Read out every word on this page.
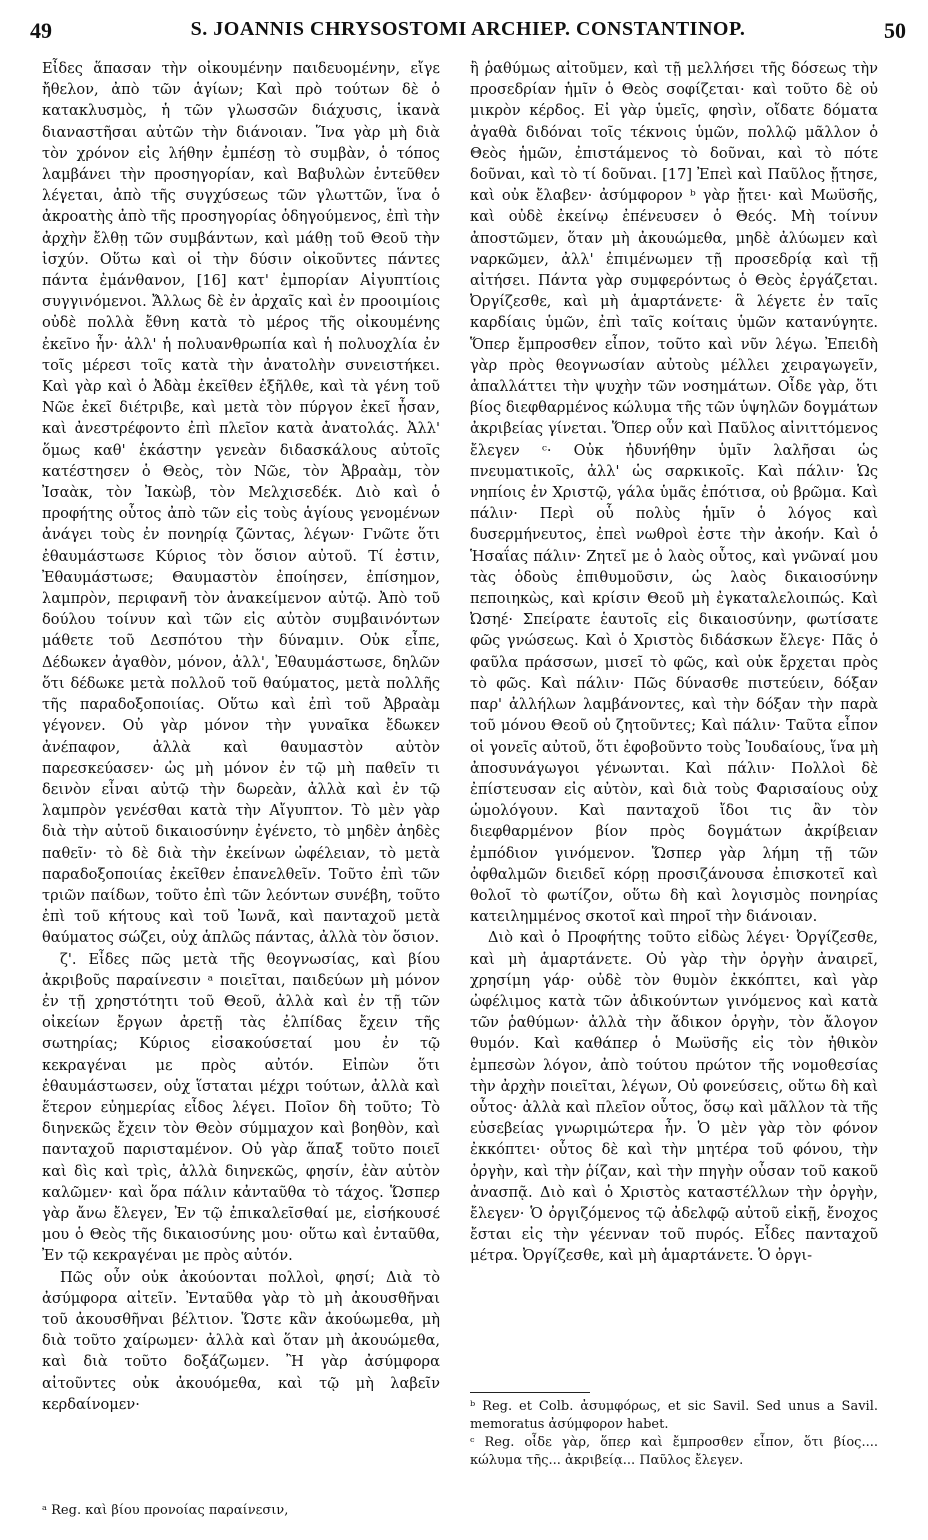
49	S. JOANNIS CHRYSOSTOMI ARCHIEP. CONSTANTINOP.	50

Εἶδες ἅπασαν τὴν οἰκουμένην παιδευομένην, εἴγε ἤθελον, ἀπὸ τῶν ἁγίων; Καὶ πρὸ τούτων δὲ ὁ κατακλυσμὸς, ἡ τῶν γλωσσῶν διάχυσις, ἱκανὰ διαναστῆσαι αὐτῶν τὴν διάνοιαν. Ἵνα γὰρ μὴ διὰ τὸν χρόνον εἰς λήθην ἐμπέσῃ τὸ συμβὰν, ὁ τόπος λαμβάνει τὴν προσηγορίαν, καὶ Βαβυλὼν ἐντεῦθεν λέγεται, ἀπὸ τῆς συγχύσεως τῶν γλωττῶν, ἵνα ὁ ἀκροατὴς ἀπὸ τῆς προσηγορίας ὁδηγούμενος, ἐπὶ τὴν ἀρχὴν ἔλθῃ τῶν συμβάντων, καὶ μάθῃ τοῦ Θεοῦ τὴν ἰσχύν. Οὕτω καὶ οἱ τὴν δύσιν οἰκοῦντες πάντες πάντα ἐμάνθανον, [16] κατ' ἐμπορίαν Αἰγυπτίοις συγγινόμενοι. Ἄλλως δὲ ἐν ἀρχαῖς καὶ ἐν προοιμίοις οὐδὲ πολλὰ ἔθνη κατὰ τὸ μέρος τῆς οἰκουμένης ἐκεῖνο ἦν· ἀλλ' ἡ πολυανθρωπία καὶ ἡ πολυοχλία ἐν τοῖς μέρεσι τοῖς κατὰ τὴν ἀνατολὴν συνειστήκει. Καὶ γὰρ καὶ ὁ Ἀδὰμ ἐκεῖθεν ἐξῆλθε, καὶ τὰ γένη τοῦ Νῶε ἐκεῖ διέτριβε, καὶ μετὰ τὸν πύργον ἐκεῖ ἦσαν, καὶ ἀνεστρέφοντο ἐπὶ πλεῖον κατὰ ἀνατολάς. Ἀλλ' ὅμως καθ' ἑκάστην γενεὰν διδασκάλους αὐτοῖς κατέστησεν ὁ Θεὸς, τὸν Νῶε, τὸν Ἀβραὰμ, τὸν Ἰσαὰκ, τὸν Ἰακὼβ, τὸν Μελχισεδέκ. Διὸ καὶ ὁ προφήτης οὗτος ἀπὸ τῶν εἰς τοὺς ἁγίους γενομένων ἀνάγει τοὺς ἐν πονηρίᾳ ζῶντας, λέγων· Γνῶτε ὅτι ἐθαυμάστωσε Κύριος τὸν ὅσιον αὐτοῦ. Τί ἐστιν, Ἐθαυμάστωσε; Θαυμαστὸν ἐποίησεν, ἐπίσημον, λαμπρὸν, περιφανῆ τὸν ἀνακείμενον αὐτῷ. Ἀπὸ τοῦ δούλου τοίνυν καὶ τῶν εἰς αὐτὸν συμβαινόντων μάθετε τοῦ Δεσπότου τὴν δύναμιν. Οὐκ εἶπε, Δέδωκεν ἀγαθὸν, μόνον, ἀλλ', Ἐθαυμάστωσε, δηλῶν ὅτι δέδωκε μετὰ πολλοῦ τοῦ θαύματος, μετὰ πολλῆς τῆς παραδοξοποιίας. Οὕτω καὶ ἐπὶ τοῦ Ἀβραὰμ γέγονεν. Οὐ γὰρ μόνον τὴν γυναῖκα ἔδωκεν ἀνέπαφον, ἀλλὰ καὶ θαυμαστὸν αὐτὸν παρεσκεύασεν· ὡς μὴ μόνον ἐν τῷ μὴ παθεῖν τι δεινὸν εἶναι αὐτῷ τὴν δωρεὰν, ἀλλὰ καὶ ἐν τῷ λαμπρὸν γενέσθαι κατὰ τὴν Αἴγυπτον. Τὸ μὲν γὰρ διὰ τὴν αὐτοῦ δικαιοσύνην ἐγένετο, τὸ μηδὲν ἀηδὲς παθεῖν· τὸ δὲ διὰ τὴν ἐκείνων ὠφέλειαν, τὸ μετὰ παραδοξοποιίας ἐκεῖθεν ἐπανελθεῖν. Τοῦτο ἐπὶ τῶν τριῶν παίδων, τοῦτο ἐπὶ τῶν λεόντων συνέβη, τοῦτο ἐπὶ τοῦ κήτους καὶ τοῦ Ἰωνᾶ, καὶ πανταχοῦ μετὰ θαύματος σώζει, οὐχ ἁπλῶς πάντας, ἀλλὰ τὸν ὅσιον.

ζ'. Εἶδες πῶς μετὰ τῆς θεογνωσίας, καὶ βίου ἀκριβοῦς παραίνεσιν ᵃ ποιεῖται, παιδεύων μὴ μόνον ἐν τῇ χρηστότητι τοῦ Θεοῦ, ἀλλὰ καὶ ἐν τῇ τῶν οἰκείων ἔργων ἀρετῇ τὰς ἐλπίδας ἔχειν τῆς σωτηρίας; Κύριος εἰσακούσεταί μου ἐν τῷ κεκραγέναι με πρὸς αὐτόν. Εἰπὼν ὅτι ἐθαυμάστωσεν, οὐχ ἵσταται μέχρι τούτων, ἀλλὰ καὶ ἕτερον εὐημερίας εἶδος λέγει. Ποῖον δὴ τοῦτο; Τὸ διηνεκῶς ἔχειν τὸν Θεὸν σύμμαχον καὶ βοηθὸν, καὶ πανταχοῦ παρισταμένον. Οὐ γὰρ ἅπαξ τοῦτο ποιεῖ καὶ δὶς καὶ τρὶς, ἀλλὰ διηνεκῶς, φησίν, ἐὰν αὐτὸν καλῶμεν· καὶ ὅρα πάλιν κἀνταῦθα τὸ τάχος. Ὥσπερ γὰρ ἄνω ἔλεγεν, Ἐν τῷ ἐπικαλεῖσθαί με, εἰσήκουσέ μου ὁ Θεὸς τῆς δικαιοσύνης μου· οὕτω καὶ ἐνταῦθα, Ἐν τῷ κεκραγέναι με πρὸς αὐτόν.

Πῶς οὖν οὐκ ἀκούονται πολλοὶ, φησί; Διὰ τὸ ἀσύμφορα αἰτεῖν. Ἐνταῦθα γὰρ τὸ μὴ ἀκουσθῆναι τοῦ ἀκουσθῆναι βέλτιον. Ὥστε κἂν ἀκούωμεθα, μὴ διὰ τοῦτο χαίρωμεν· ἀλλὰ καὶ ὅταν μὴ ἀκουώμεθα, καὶ διὰ τοῦτο δοξάζωμεν. Ἢ γὰρ ἀσύμφορα αἰτοῦντες οὐκ ἀκουόμεθα, καὶ τῷ μὴ λαβεῖν κερδαίνομεν·

ἢ ῥαθύμως αἰτοῦμεν, καὶ τῇ μελλήσει τῆς δόσεως τὴν προσεδρίαν ἡμῖν ὁ Θεὸς σοφίζεται· καὶ τοῦτο δὲ οὐ μικρὸν κέρδος. Εἰ γὰρ ὑμεῖς, φησὶν, οἴδατε δόματα ἀγαθὰ διδόναι τοῖς τέκνοις ὑμῶν, πολλῷ μᾶλλον ὁ Θεὸς ἡμῶν, ἐπιστάμενος τὸ δοῦναι, καὶ τὸ πότε δοῦναι, καὶ τὸ τί δοῦναι. [17] Ἐπεὶ καὶ Παῦλος ᾔτησε, καὶ οὐκ ἔλαβεν· ἀσύμφορον ᵇ γὰρ ᾔτει· καὶ Μωϋσῆς, καὶ οὐδὲ ἐκείνῳ ἐπένευσεν ὁ Θεός. Μὴ τοίνυν ἀποστῶμεν, ὅταν μὴ ἀκουώμεθα, μηδὲ ἀλύωμεν καὶ ναρκῶμεν, ἀλλ' ἐπιμένωμεν τῇ προσεδρίᾳ καὶ τῇ αἰτήσει. Πάντα γὰρ συμφερόντως ὁ Θεὸς ἐργάζεται. Ὀργίζεσθε, καὶ μὴ ἁμαρτάνετε· ἃ λέγετε ἐν ταῖς καρδίαις ὑμῶν, ἐπὶ ταῖς κοίταις ὑμῶν κατανύγητε. Ὅπερ ἔμπροσθεν εἶπον, τοῦτο καὶ νῦν λέγω. Ἐπειδὴ γὰρ πρὸς θεογνωσίαν αὐτοὺς μέλλει χειραγωγεῖν, ἀπαλλάττει τὴν ψυχὴν τῶν νοσημάτων. Οἶδε γὰρ, ὅτι βίος διεφθαρμένος κώλυμα τῆς τῶν ὑψηλῶν δογμάτων ἀκριβείας γίνεται. Ὅπερ οὖν καὶ Παῦλος αἰνιττόμενος ἔλεγεν ᶜ· Οὐκ ἠδυνήθην ὑμῖν λαλῆσαι ὡς πνευματικοῖς, ἀλλ' ὡς σαρκικοῖς. Καὶ πάλιν· Ὡς νηπίοις ἐν Χριστῷ, γάλα ὑμᾶς ἐπότισα, οὐ βρῶμα. Καὶ πάλιν· Περὶ οὗ πολὺς ἡμῖν ὁ λόγος καὶ δυσερμήνευτος, ἐπεὶ νωθροὶ ἐστε τὴν ἀκοήν. Καὶ ὁ Ἡσαΐας πάλιν· Ζητεῖ με ὁ λαὸς οὗτος, καὶ γνῶναί μου τὰς ὁδοὺς ἐπιθυμοῦσιν, ὡς λαὸς δικαιοσύνην πεποιηκὼς, καὶ κρίσιν Θεοῦ μὴ ἐγκαταλελοιπώς. Καὶ Ὠσηέ· Σπείρατε ἑαυτοῖς εἰς δικαιοσύνην, φωτίσατε φῶς γνώσεως. Καὶ ὁ Χριστὸς διδάσκων ἔλεγε· Πᾶς ὁ φαῦλα πράσσων, μισεῖ τὸ φῶς, καὶ οὐκ ἔρχεται πρὸς τὸ φῶς. Καὶ πάλιν· Πῶς δύνασθε πιστεύειν, δόξαν παρ' ἀλλήλων λαμβάνοντες, καὶ τὴν δόξαν τὴν παρὰ τοῦ μόνου Θεοῦ οὐ ζητοῦντες; Καὶ πάλιν· Ταῦτα εἶπον οἱ γονεῖς αὐτοῦ, ὅτι ἐφοβοῦντο τοὺς Ἰουδαίους, ἵνα μὴ ἀποσυνάγωγοι γένωνται. Καὶ πάλιν· Πολλοὶ δὲ ἐπίστευσαν εἰς αὐτὸν, καὶ διὰ τοὺς Φαρισαίους οὐχ ὡμολόγουν. Καὶ πανταχοῦ ἴδοι τις ἂν τὸν διεφθαρμένον βίον πρὸς δογμάτων ἀκρίβειαν ἐμπόδιον γινόμενον. Ὥσπερ γὰρ λήμη τῇ τῶν ὀφθαλμῶν διειδεῖ κόρῃ προσιζάνουσα ἐπισκοτεῖ καὶ θολοῖ τὸ φωτίζον, οὕτω δὴ καὶ λογισμὸς πονηρίας κατειλημμένος σκοτοῖ καὶ πηροῖ τὴν διάνοιαν.

Διὸ καὶ ὁ Προφήτης τοῦτο εἰδὼς λέγει· Ὀργίζεσθε, καὶ μὴ ἁμαρτάνετε. Οὐ γὰρ τὴν ὀργὴν ἀναιρεῖ, χρησίμη γάρ· οὐδὲ τὸν θυμὸν ἐκκόπτει, καὶ γὰρ ὠφέλιμος κατὰ τῶν ἀδικούντων γινόμενος καὶ κατὰ τῶν ῥαθύμων· ἀλλὰ τὴν ἄδικον ὀργὴν, τὸν ἄλογον θυμόν. Καὶ καθάπερ ὁ Μωϋσῆς εἰς τὸν ἠθικὸν ἐμπεσὼν λόγον, ἀπὸ τούτου πρώτον τῆς νομοθεσίας τὴν ἀρχὴν ποιεῖται, λέγων, Οὐ φονεύσεις, οὕτω δὴ καὶ οὗτος· ἀλλὰ καὶ πλεῖον οὗτος, ὅσῳ καὶ μᾶλλον τὰ τῆς εὐσεβείας γνωριμώτερα ἦν. Ὁ μὲν γὰρ τὸν φόνον ἐκκόπτει· οὗτος δὲ καὶ τὴν μητέρα τοῦ φόνου, τὴν ὀργὴν, καὶ τὴν ῥίζαν, καὶ τὴν πηγὴν οὖσαν τοῦ κακοῦ ἀνασπᾷ. Διὸ καὶ ὁ Χριστὸς καταστέλλων τὴν ὀργὴν, ἔλεγεν· Ὁ ὀργιζόμενος τῷ ἀδελφῷ αὐτοῦ εἰκῇ, ἔνοχος ἔσται εἰς τὴν γέενναν τοῦ πυρός. Εἶδες πανταχοῦ μέτρα. Ὀργίζεσθε, καὶ μὴ ἁμαρτάνετε. Ὁ ὀργι-

ᵇ Reg. et Colb. ἀσυμφόρως, et sic Savil. Sed unus a Savil. memoratus ἀσύμφορον habet.
ᶜ Reg. οἶδε γὰρ, ὅπερ καὶ ἔμπροσθεν εἶπον, ὅτι βίος.... κώλυμα τῆς... ἀκριβείᾳ... Παῦλος ἔλεγεν.
ᵃ Reg. καὶ βίου προνοίας παραίνεσιν,
